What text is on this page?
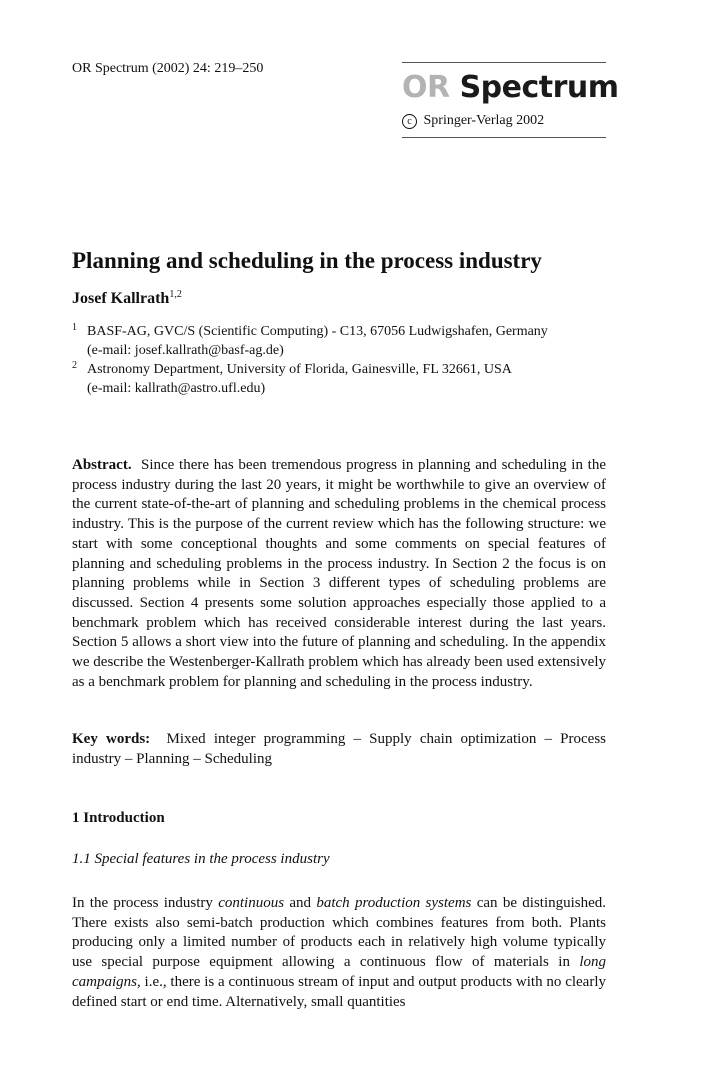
OR Spectrum (2002) 24: 219–250
OR Spectrum
c Springer-Verlag 2002
Planning and scheduling in the process industry
Josef Kallrath$^{1,2}$
1 BASF-AG, GVC/S (Scientific Computing) - C13, 67056 Ludwigshafen, Germany
(e-mail: josef.kallrath@basf-ag.de)
2 Astronomy Department, University of Florida, Gainesville, FL 32661, USA
(e-mail: kallrath@astro.ufl.edu)

Abstract. Since there has been tremendous progress in planning and scheduling in the process industry during the last 20 years, it might be worthwhile to give an overview of the current state-of-the-art of planning and scheduling problems in the chemical process industry. This is the purpose of the current review which has the following structure: we start with some conceptional thoughts and some comments on special features of planning and scheduling problems in the process industry. In Section 2 the focus is on planning problems while in Section 3 different types of scheduling problems are discussed. Section 4 presents some solution approaches especially those applied to a benchmark problem which has received considerable interest during the last years. Section 5 allows a short view into the future of planning and scheduling. In the appendix we describe the Westenberger-Kallrath problem which has already been used extensively as a benchmark problem for planning and scheduling in the process industry.

Key words: Mixed integer programming – Supply chain optimization – Process industry – Planning – Scheduling

1 Introduction
1.1 Special features in the process industry

In the process industry continuous and batch production systems can be distinguished. There exists also semi-batch production which combines features from both. Plants producing only a limited number of products each in relatively high volume typically use special purpose equipment allowing a continuous flow of materials in long campaigns, i.e., there is a continuous stream of input and output products with no clearly defined start or end time. Alternatively, small quantities
